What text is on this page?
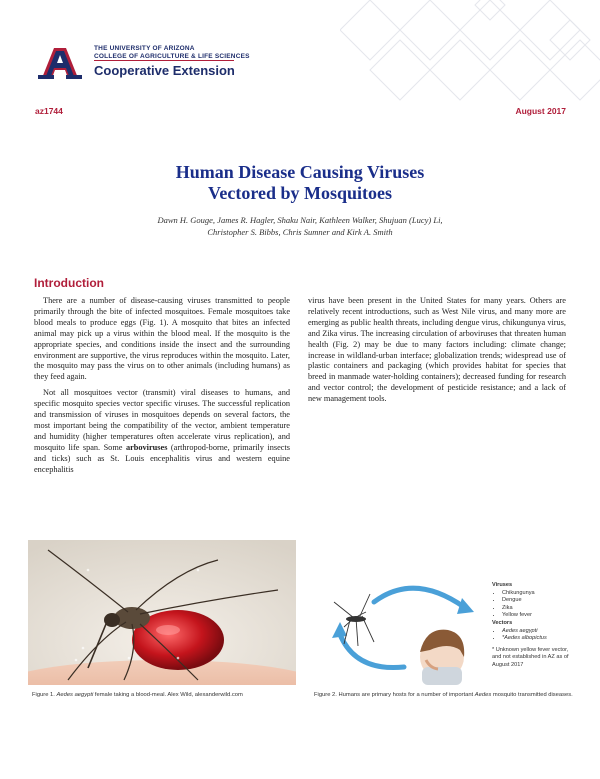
THE UNIVERSITY OF ARIZONA
COLLEGE OF AGRICULTURE & LIFE SCIENCES
Cooperative Extension
az1744	August 2017
Human Disease Causing Viruses
Vectored by Mosquitoes
Dawn H. Gouge, James R. Hagler, Shaku Nair, Kathleen Walker, Shujuan (Lucy) Li,
Christopher S. Bibbs, Chris Sumner and Kirk A. Smith
Introduction

There are a number of disease-causing viruses transmitted to people primarily through the bite of infected mosquitoes. Female mosquitoes take blood meals to produce eggs (Fig. 1). A mosquito that bites an infected animal may pick up a virus within the blood meal. If the mosquito is the appropriate species, and conditions inside the insect and the surrounding environment are supportive, the virus reproduces within the mosquito. Later, the mosquito may pass the virus on to other animals (including humans) as they feed again.

Not all mosquitoes vector (transmit) viral diseases to humans, and specific mosquito species vector specific viruses. The successful replication and transmission of viruses in mosquitoes depends on several factors, the most important being the compatibility of the vector, ambient temperature and humidity (higher temperatures often accelerate virus replication), and mosquito life span. Some arboviruses (arthropod-borne, primarily insects and ticks) such as St. Louis encephalitis virus and western equine encephalitis

virus have been present in the United States for many years. Others are relatively recent introductions, such as West Nile virus, and many more are emerging as public health threats, including dengue virus, chikungunya virus, and Zika virus. The increasing circulation of arboviruses that threaten human health (Fig. 2) may be due to many factors including: climate change; increase in wildland-urban interface; globalization trends; widespread use of plastic containers and packaging (which provides habitat for species that breed in manmade water-holding containers); decreased funding for research and vector control; the development of pesticide resistance; and a lack of new management tools.

Viruses
• Chikungunya
• Dengue
• Zika
• Yellow fever
Vectors
• Aedes aegypti
• *Aedes albopictus
* Unknown yellow fever vector, and not established in AZ as of August 2017
Figure 1. Aedes aegypti female taking a blood-meal. Alex Wild, alexanderwild.com	Figure 2. Humans are primary hosts for a number of important Aedes mosquito transmitted diseases.
